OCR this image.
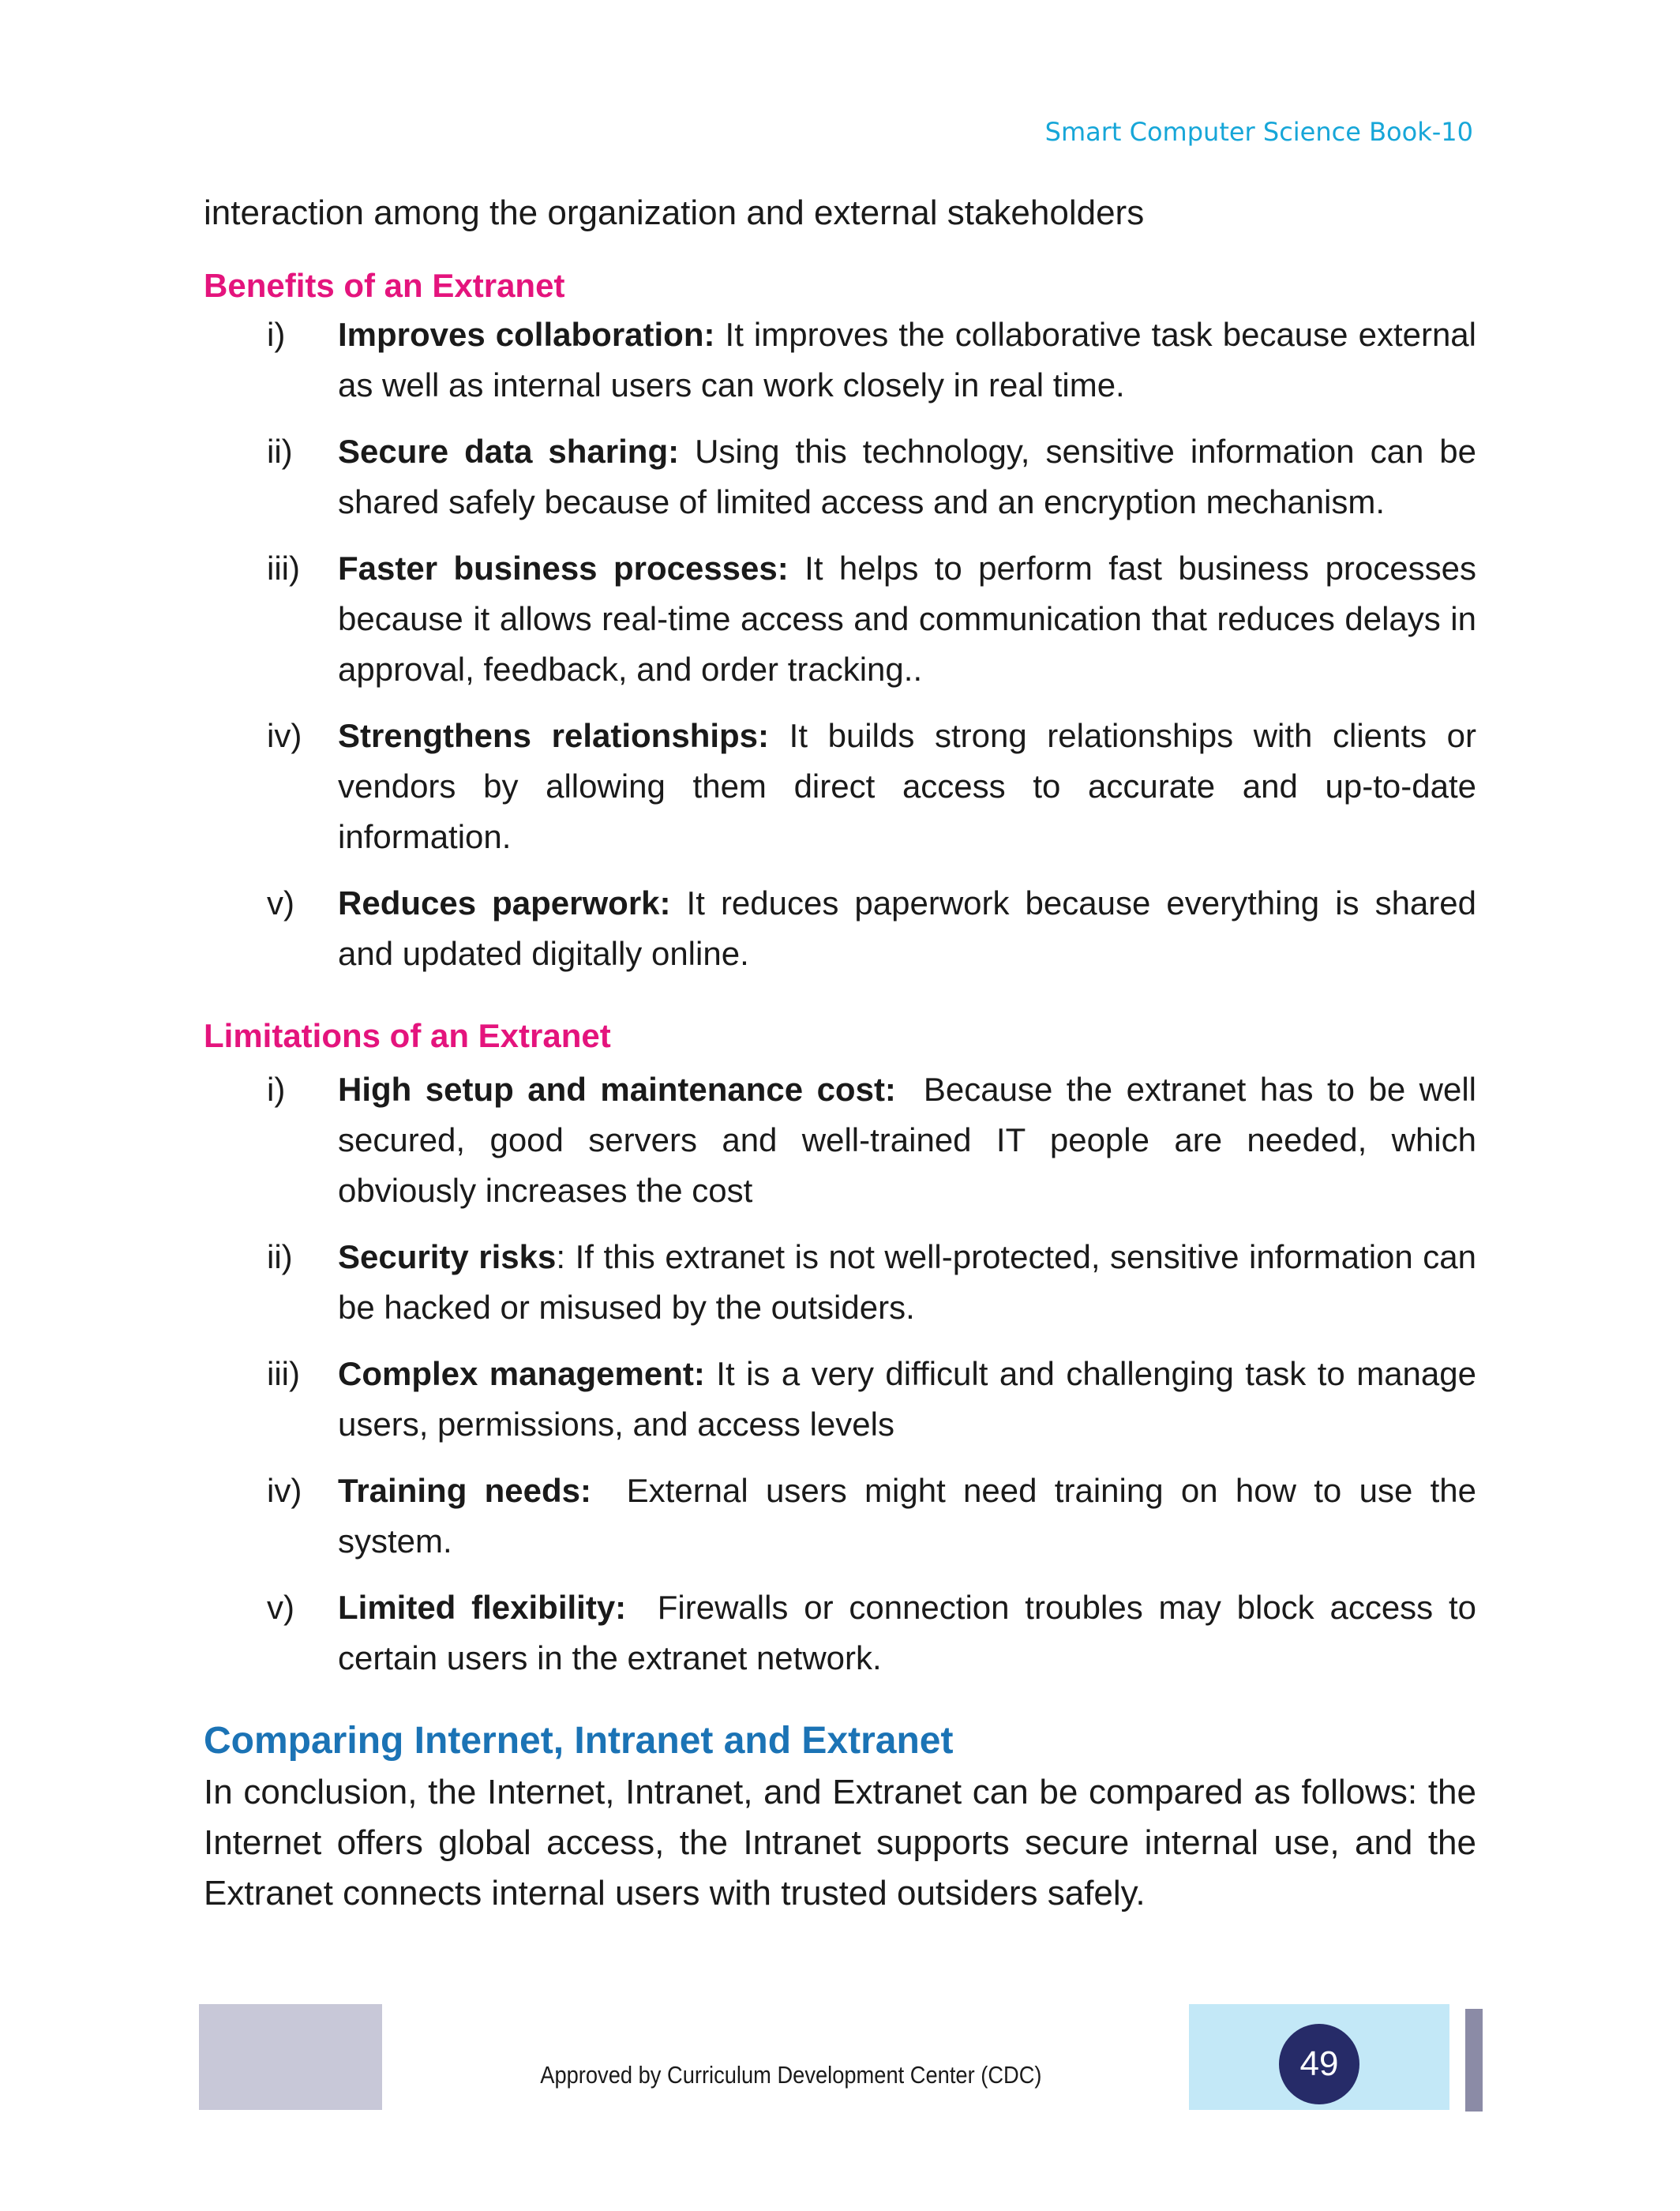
Smart Computer Science Book-10

interaction among the organization and external stakeholders

Benefits of an Extranet
i) Improves collaboration: It improves the collaborative task because external as well as internal users can work closely in real time.

ii) Secure data sharing: Using this technology, sensitive information can be shared safely because of limited access and an encryption mechanism.

iii) Faster business processes: It helps to perform fast business processes because it allows real-time access and communication that reduces delays in approval, feedback, and order tracking..

iv) Strengthens relationships: It builds strong relationships with clients or vendors by allowing them direct access to accurate and up-to-date information.

v) Reduces paperwork: It reduces paperwork because everything is shared and updated digitally online.

Limitations of an Extranet
i) High setup and maintenance cost:  Because the extranet has to be well secured, good servers and well-trained IT people are needed, which obviously increases the cost

ii) Security risks: If this extranet is not well-protected, sensitive information can be hacked or misused by the outsiders.

iii) Complex management: It is a very difficult and challenging task to manage users, permissions, and access levels

iv) Training needs:  External users might need training on how to use the system.

v) Limited flexibility:  Firewalls or connection troubles may block access to certain users in the extranet network.

Comparing Internet, Intranet and Extranet

In conclusion, the Internet, Intranet, and Extranet can be compared as follows: the Internet offers global access, the Intranet supports secure internal use, and the Extranet connects internal users with trusted outsiders safely.

Approved by Curriculum Development Center (CDC)	49
